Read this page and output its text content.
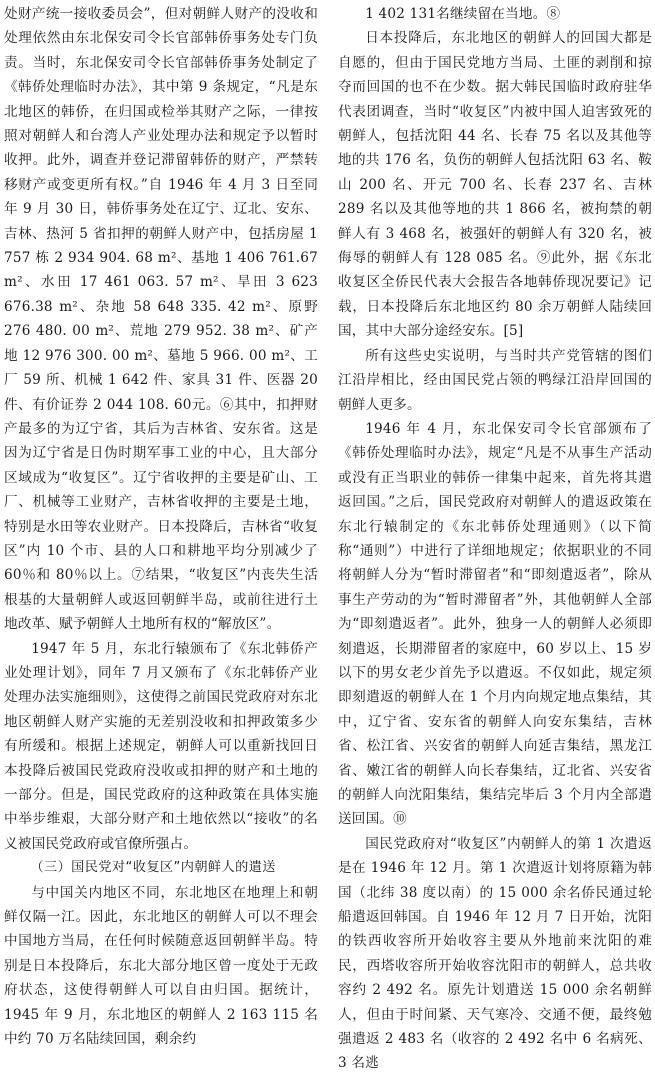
处财产统一接收委员会”，但对朝鲜人财产的没收和处理依然由东北保安司令长官部韩侨事务处专门负责。当时，东北保安司令长官部韩侨事务处制定了《韩侨处理临时办法》，其中第 9 条规定，“凡是东北地区的韩侨，在归国或检举其财产之际，一律按照对朝鲜人和台湾人产业处理办法和规定予以暂时收押。此外，调查并登记滞留韩侨的财产，严禁转移财产或变更所有权。”自 1946 年 4 月 3 日至同年 9 月 30 日，韩侨事务处在辽宁、辽北、安东、吉林、热河 5 省扣押的朝鲜人财产中，包括房屋 1 757 栋 2 934 904. 68 m²、基地 1 406 761.67 m²、水田 17 461 063. 57 m²、旱田 3 623 676.38 m²、杂地 58 648 335. 42 m²、原野 276 480. 00 m²、荒地 279 952. 38 m²、矿产地 12 976 300. 00 m²、墓地 5 966. 00 m²、工厂 59 所、机械 1 642 件、家具 31 件、医器 20 件、有价证券 2 044 108. 60元。⑥其中，扣押财产最多的为辽宁省，其后为吉林省、安东省。这是因为辽宁省是日伪时期军事工业的中心，且大部分区域成为“收复区”。辽宁省收押的主要是矿山、工厂、机械等工业财产，吉林省收押的主要是土地，特别是水田等农业财产。日本投降后，吉林省“收复区”内 10 个市、县的人口和耕地平均分别减少了 60％和 80％以上。⑦结果，“收复区”内丧失生活根基的大量朝鲜人或返回朝鲜半岛，或前往进行土地改革、赋予朝鲜人土地所有权的“解放区”。

1947 年 5 月，东北行辕颁布了《东北韩侨产业处理计划》，同年 7 月又颁布了《东北韩侨产业处理办法实施细则》，这使得之前国民党政府对东北地区朝鲜人财产实施的无差别没收和扣押政策多少有所缓和。根据上述规定，朝鲜人可以重新找回日本投降后被国民党政府没收或扣押的财产和土地的一部分。但是，国民党政府的这种政策在具体实施中举步维艰，大部分财产和土地依然以“接收”的名义被国民党政府或官僚所强占。

（三）国民党对“收复区”内朝鲜人的遣送

与中国关内地区不同，东北地区在地理上和朝鲜仅隔一江。因此，东北地区的朝鲜人可以不理会中国地方当局，在任何时候随意返回朝鲜半岛。特别是日本投降后，东北大部分地区曾一度处于无政府状态，这使得朝鲜人可以自由归国。据统计，1945 年 9 月，东北地区的朝鲜人 2 163 115 名中约 70 万名陆续回国，剩余约

1 402 131名继续留在当地。⑧

日本投降后，东北地区的朝鲜人的回国大都是自愿的，但由于国民党地方当局、土匪的剥削和掠夺而回国的也不在少数。据大韩民国临时政府驻华代表团调查，当时“收复区”内被中国人迫害致死的朝鲜人，包括沈阳 44 名、长春 75 名以及其他等地的共 176 名，负伤的朝鲜人包括沈阳 63 名、鞍山 200 名、开元 700 名、长春 237 名、吉林 289 名以及其他等地的共 1 866 名，被拘禁的朝鲜人有 3 468 名，被强奸的朝鲜人有 320 名，被侮辱的朝鲜人有 128 085 名。⑨此外，据《东北收复区全侨民代表大会报告各地韩侨现况要记》记载，日本投降后东北地区约 80 余万朝鲜人陆续回国，其中大部分途经安东。[5]

所有这些史实说明，与当时共产党管辖的图们江沿岸相比，经由国民党占领的鸭绿江沿岸回国的朝鲜人更多。

1946 年 4 月，东北保安司令长官部颁布了《韩侨处理临时办法》，规定“凡是不从事生产活动或没有正当职业的韩侨一律集中起来，首先将其遣返回国。”之后，国民党政府对朝鲜人的遣返政策在东北行辕制定的《东北韩侨处理通则》（以下简称“通则”）中进行了详细地规定；依据职业的不同将朝鲜人分为“暂时滞留者”和“即刻遣返者”，除从事生产劳动的为“暂时滞留者”外，其他朝鲜人全部为“即刻遣返者”。此外，独身一人的朝鲜人必须即刻遣返，长期滞留者的家庭中，60 岁以上、15 岁以下的男女老少首先予以遣返。不仅如此，规定须即刻遣返的朝鲜人在 1 个月内向规定地点集结，其中，辽宁省、安东省的朝鲜人向安东集结，吉林省、松江省、兴安省的朝鲜人向延吉集结，黑龙江省、嫩江省的朝鲜人向长春集结，辽北省、兴安省的朝鲜人向沈阳集结，集结完毕后 3 个月内全部遣送回国。⑩

国民党政府对“收复区”内朝鲜人的第 1 次遣返是在 1946 年 12 月。第 1 次遣返计划将原籍为韩国（北纬 38 度以南）的 15 000 余名侨民通过轮船遣返回韩国。自 1946 年 12 月 7 日开始，沈阳的铁西收容所开始收容主要从外地前来沈阳的难民，西塔收容所开始收容沈阳市的朝鲜人，总共收容约 2 492 名。原先计划遣送 15 000 余名朝鲜人，但由于时间紧、天气寒冷、交通不便，最终勉强遣返 2 483 名（收容的 2 492 名中 6 名病死、3 名逃
